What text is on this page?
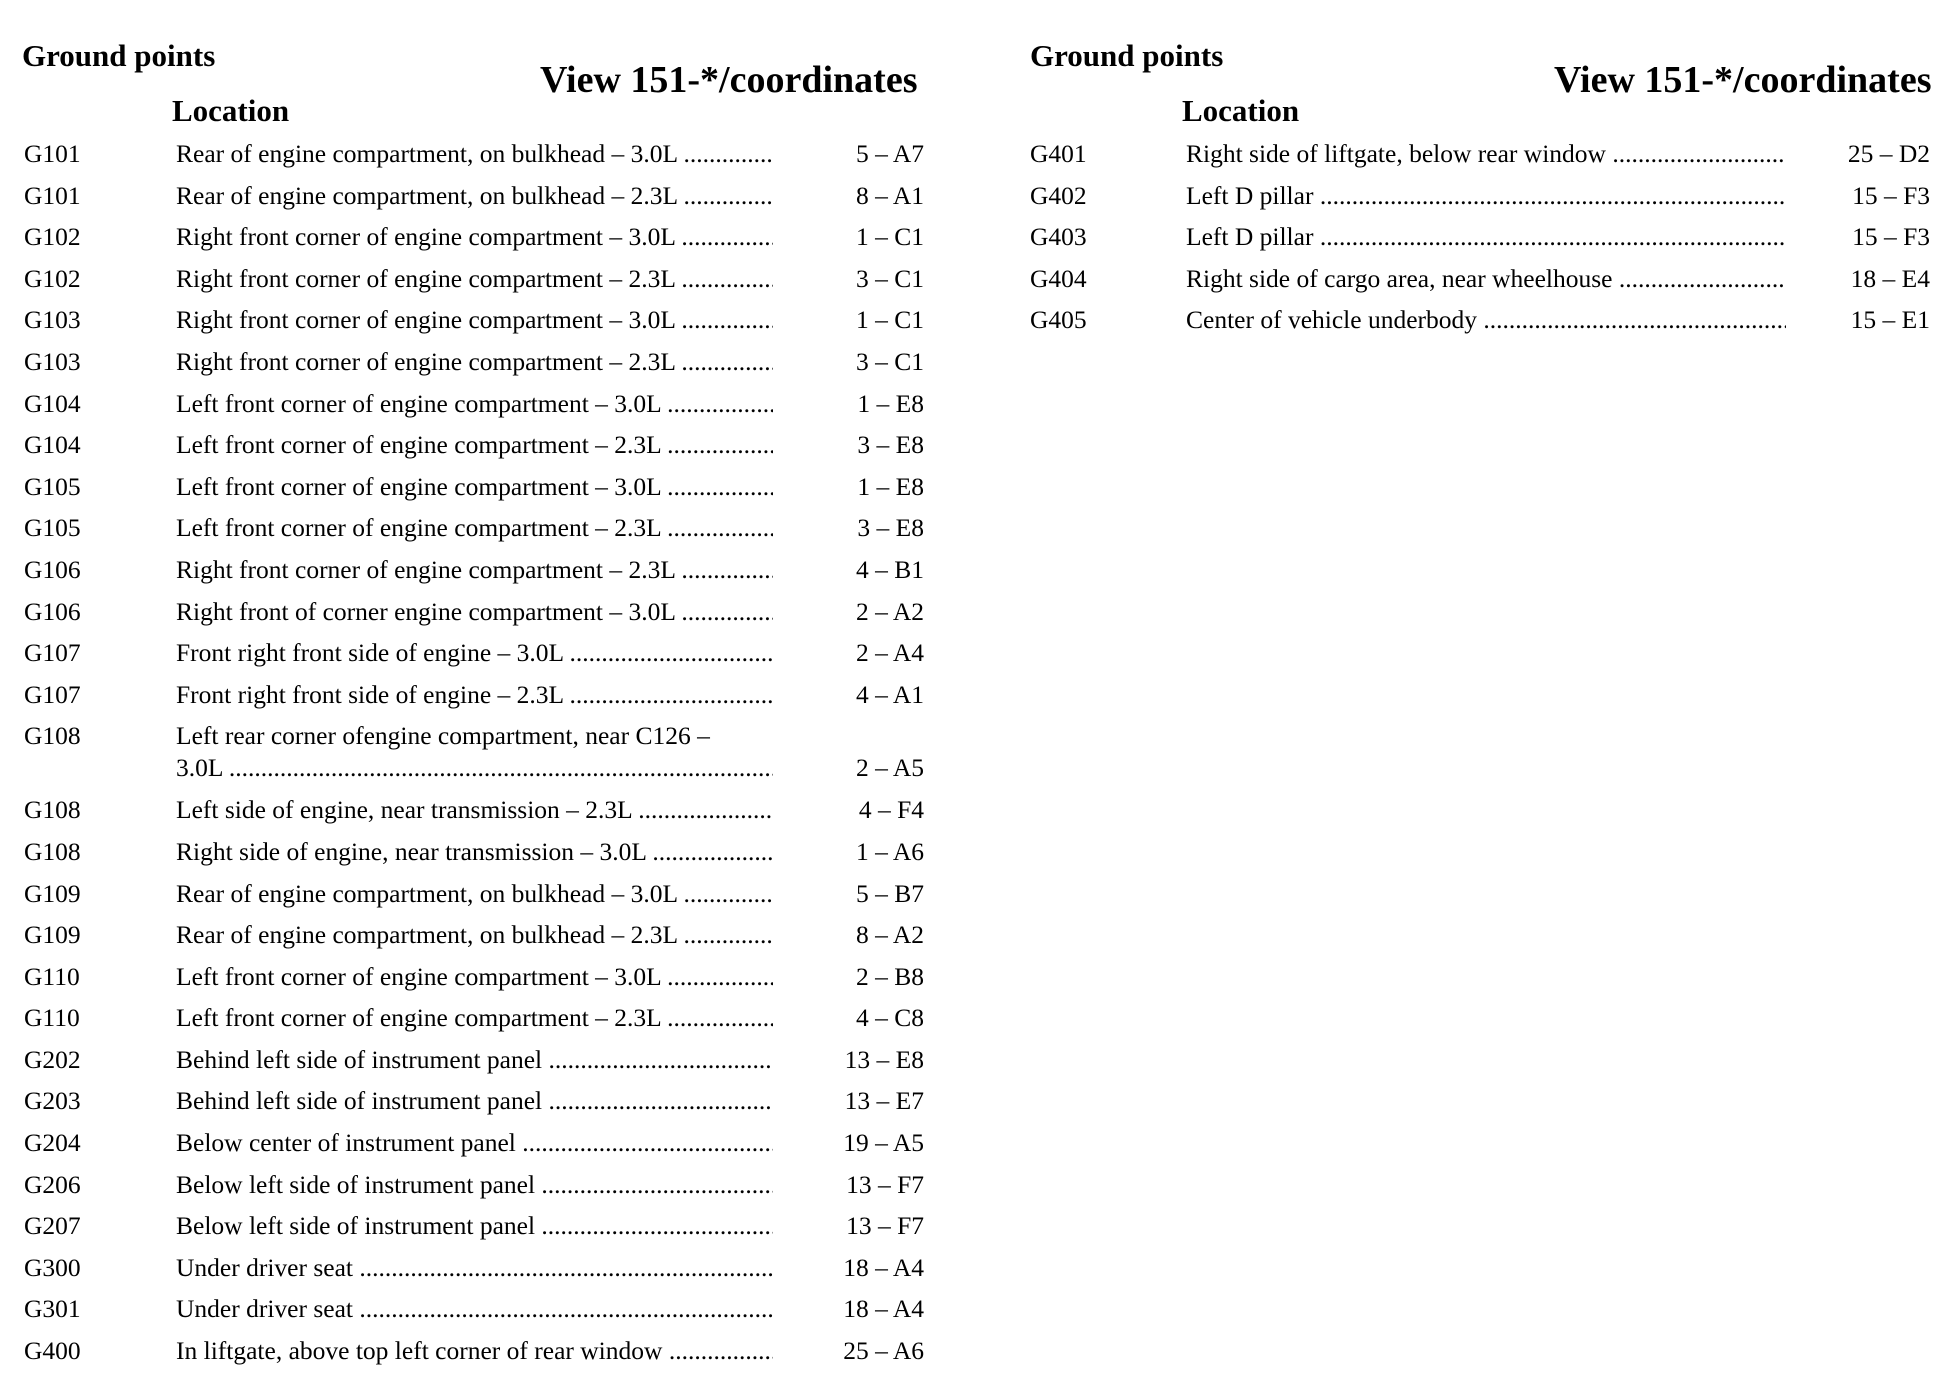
Ground points
View 151-*/coordinates
Location
G101	Rear of engine compartment, on bulkhead – 3.0L .....	5 – A7
G101	Rear of engine compartment, on bulkhead – 2.3L .....	8 – A1
G102	Right front corner of engine compartment – 3.0L .....	1 – C1
G102	Right front corner of engine compartment – 2.3L .....	3 – C1
G103	Right front corner of engine compartment – 3.0L .....	1 – C1
G103	Right front corner of engine compartment – 2.3L .....	3 – C1
G104	Left front corner of engine compartment – 3.0L .....	1 – E8
G104	Left front corner of engine compartment – 2.3L .....	3 – E8
G105	Left front corner of engine compartment – 3.0L .....	1 – E8
G105	Left front corner of engine compartment – 2.3L .....	3 – E8
G106	Right front corner of engine compartment – 2.3L .....	4 – B1
G106	Right front of corner engine compartment – 3.0L .....	2 – A2
G107	Front right front side of engine – 3.0L .....	2 – A4
G107	Front right front side of engine – 2.3L .....	4 – A1
G108	Left rear corner ofengine compartment, near C126 –
3.0L .....	2 – A5
G108	Left side of engine, near transmission – 2.3L .....	4 – F4
G108	Right side of engine, near transmission – 3.0L .....	1 – A6
G109	Rear of engine compartment, on bulkhead – 3.0L .....	5 – B7
G109	Rear of engine compartment, on bulkhead – 2.3L .....	8 – A2
G110	Left front corner of engine compartment – 3.0L .....	2 – B8
G110	Left front corner of engine compartment – 2.3L .....	4 – C8
G202	Behind left side of instrument panel .....	13 – E8
G203	Behind left side of instrument panel .....	13 – E7
G204	Below center of instrument panel .....	19 – A5
G206	Below left side of instrument panel .....	13 – F7
G207	Below left side of instrument panel .....	13 – F7
G300	Under driver seat .....	18 – A4
G301	Under driver seat .....	18 – A4
G400	In liftgate, above top left corner of rear window .....	25 – A6
Ground points
View 151-*/coordinates
Location
G401	Right side of liftgate, below rear window .....	25 – D2
G402	Left D pillar .....	15 – F3
G403	Left D pillar .....	15 – F3
G404	Right side of cargo area, near wheelhouse .....	18 – E4
G405	Center of vehicle underbody .....	15 – E1
